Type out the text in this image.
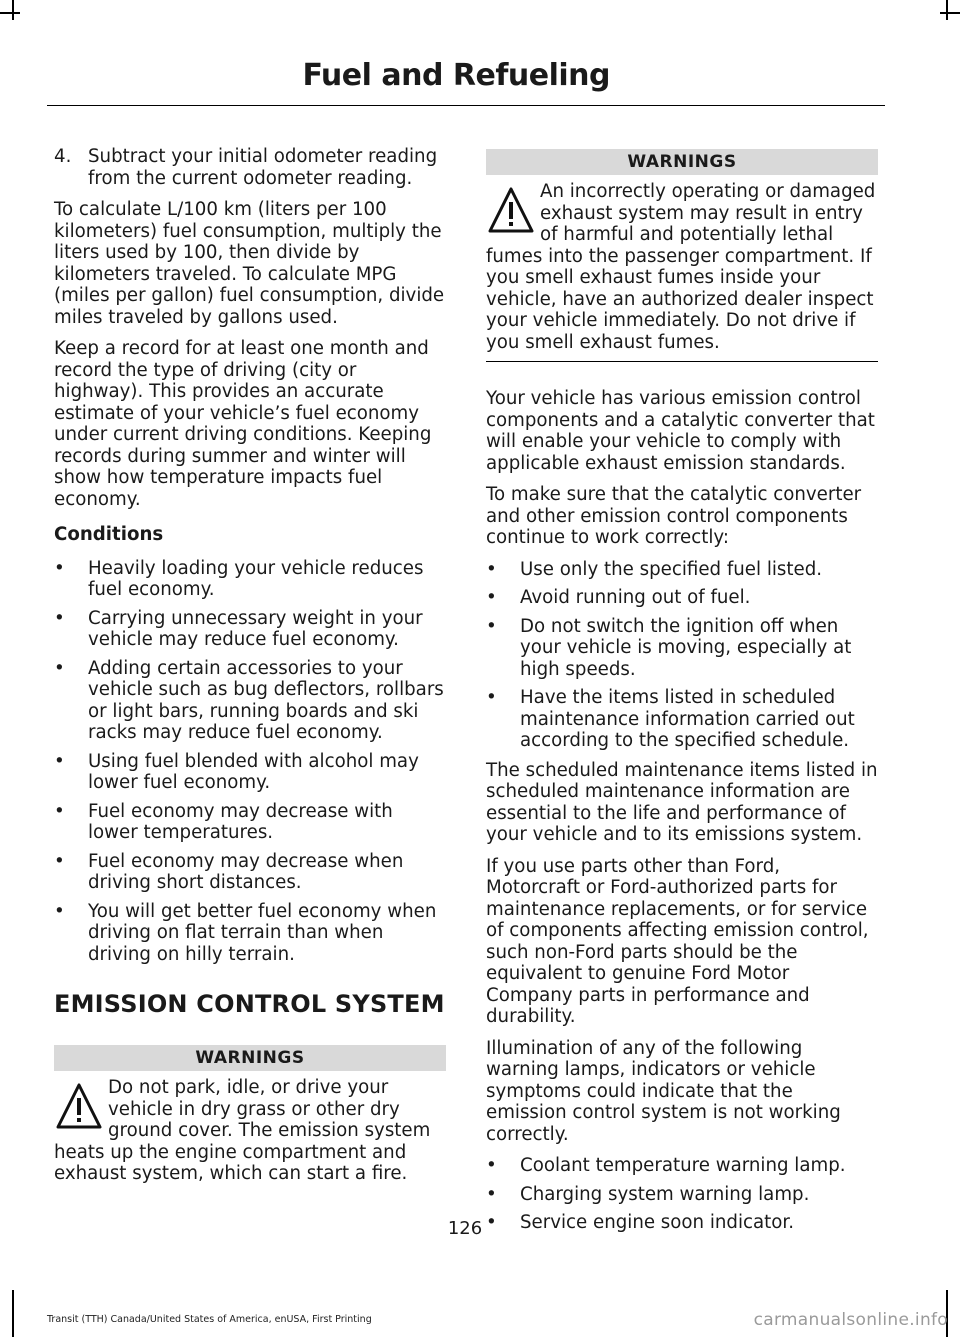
Fuel and Refueling
4. Subtract your initial odometer reading from the current odometer reading.

To calculate L/100 km (liters per 100 kilometers) fuel consumption, multiply the liters used by 100, then divide by kilometers traveled. To calculate MPG (miles per gallon) fuel consumption, divide miles traveled by gallons used.

Keep a record for at least one month and record the type of driving (city or highway). This provides an accurate estimate of your vehicle’s fuel economy under current driving conditions. Keeping records during summer and winter will show how temperature impacts fuel economy.

Conditions
•	Heavily loading your vehicle reduces fuel economy.
•	Carrying unnecessary weight in your vehicle may reduce fuel economy.
•	Adding certain accessories to your vehicle such as bug deflectors, rollbars or light bars, running boards and ski racks may reduce fuel economy.
•	Using fuel blended with alcohol may lower fuel economy.
•	Fuel economy may decrease with lower temperatures.
•	Fuel economy may decrease when driving short distances.
•	You will get better fuel economy when driving on flat terrain than when driving on hilly terrain.
EMISSION CONTROL SYSTEM
WARNINGS
Do not park, idle, or drive your vehicle in dry grass or other dry ground cover. The emission system heats up the engine compartment and exhaust system, which can start a fire.
WARNINGS
An incorrectly operating or damaged exhaust system may result in entry of harmful and potentially lethal fumes into the passenger compartment. If you smell exhaust fumes inside your vehicle, have an authorized dealer inspect your vehicle immediately. Do not drive if you smell exhaust fumes.

Your vehicle has various emission control components and a catalytic converter that will enable your vehicle to comply with applicable exhaust emission standards.

To make sure that the catalytic converter and other emission control components continue to work correctly:

•	Use only the specified fuel listed.
•	Avoid running out of fuel.
•	Do not switch the ignition off when your vehicle is moving, especially at high speeds.
•	Have the items listed in scheduled maintenance information carried out according to the specified schedule.

The scheduled maintenance items listed in scheduled maintenance information are essential to the life and performance of your vehicle and to its emissions system.

If you use parts other than Ford, Motorcraft or Ford-authorized parts for maintenance replacements, or for service of components affecting emission control, such non-Ford parts should be the equivalent to genuine Ford Motor Company parts in performance and durability.

Illumination of any of the following warning lamps, indicators or vehicle symptoms could indicate that the emission control system is not working correctly.

•	Coolant temperature warning lamp.
•	Charging system warning lamp.
•	Service engine soon indicator.
126
Transit (TTH) Canada/United States of America, enUSA, First Printing	carmanualsonline.info
